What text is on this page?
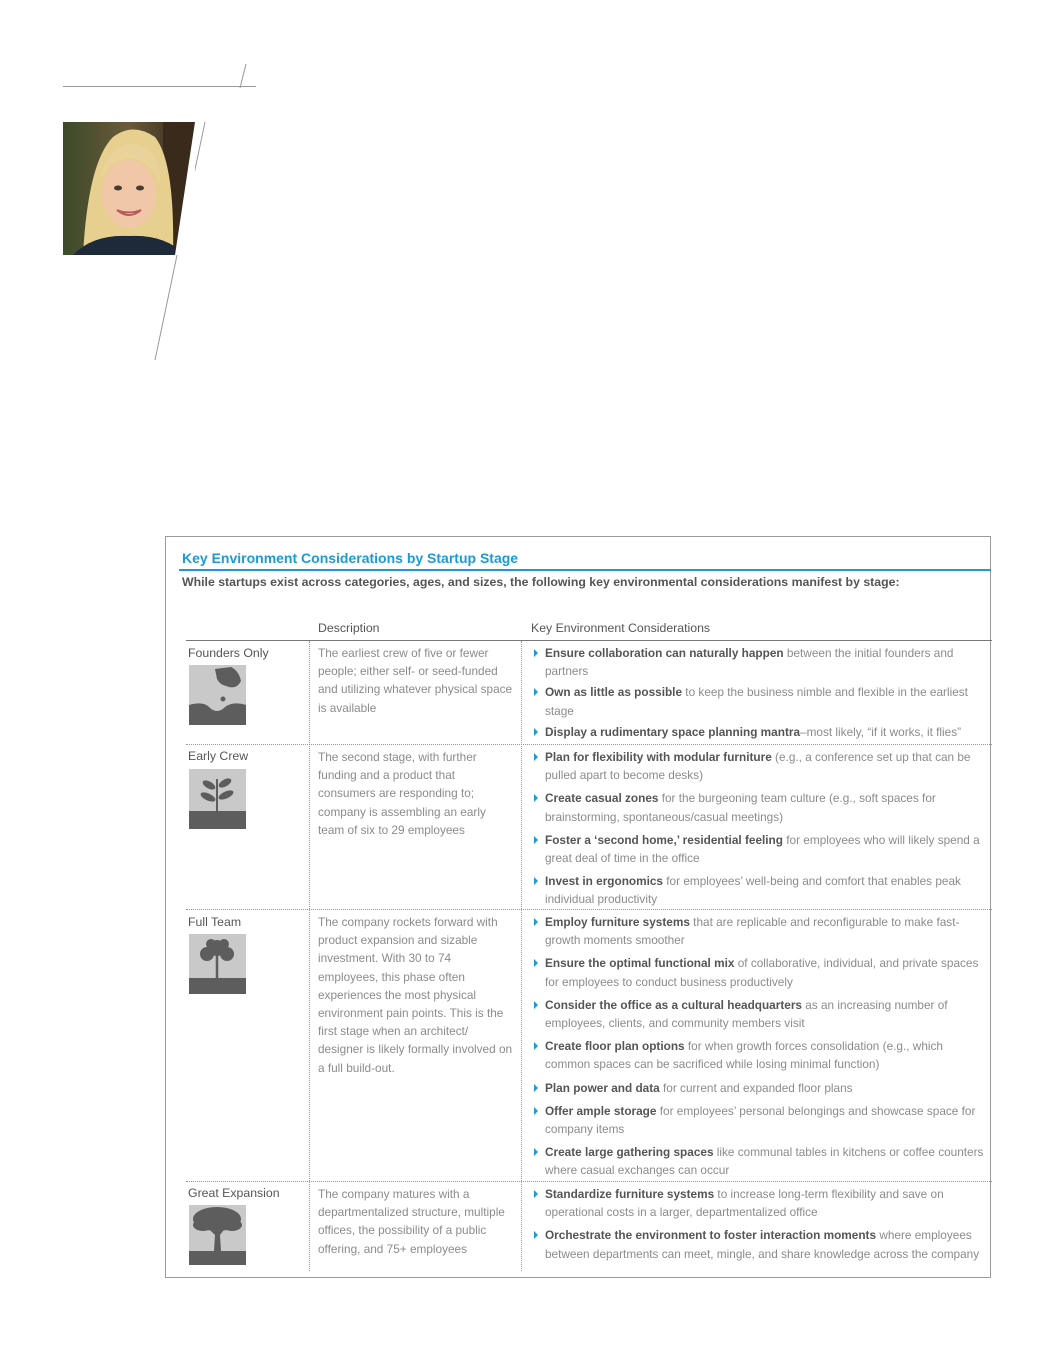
Key Environment Considerations by Startup Stage
While startups exist across categories, ages, and sizes, the following key environmental considerations manifest by stage:
Description	Key Environment Considerations
Founders Only	The earliest crew of five or fewer people; either self- or seed-funded and utilizing whatever physical space is available
Ensure collaboration can naturally happen between the initial founders and partners
Own as little as possible to keep the business nimble and flexible in the earliest stage
Display a rudimentary space planning mantra–most likely, “if it works, it flies”
Early Crew	The second stage, with further funding and a product that consumers are responding to; company is assembling an early team of six to 29 employees
Plan for flexibility with modular furniture (e.g., a conference set up that can be pulled apart to become desks)
Create casual zones for the burgeoning team culture (e.g., soft spaces for brainstorming, spontaneous/casual meetings)
Foster a ‘second home,’ residential feeling for employees who will likely spend a great deal of time in the office
Invest in ergonomics for employees’ well-being and comfort that enables peak individual productivity
Full Team	The company rockets forward with product expansion and sizable investment. With 30 to 74 employees, this phase often experiences the most physical environment pain points. This is the first stage when an architect/ designer is likely formally involved on a full build-out.
Employ furniture systems that are replicable and reconfigurable to make fast-growth moments smoother
Ensure the optimal functional mix of collaborative, individual, and private spaces for employees to conduct business productively
Consider the office as a cultural headquarters as an increasing number of employees, clients, and community members visit
Create floor plan options for when growth forces consolidation (e.g., which common spaces can be sacrificed while losing minimal function)
Plan power and data for current and expanded floor plans
Offer ample storage for employees’ personal belongings and showcase space for company items
Create large gathering spaces like communal tables in kitchens or coffee counters where casual exchanges can occur
Great Expansion	The company matures with a departmentalized structure, multiple offices, the possibility of a public offering, and 75+ employees
Standardize furniture systems to increase long-term flexibility and save on operational costs in a larger, departmentalized office
Orchestrate the environment to foster interaction moments where employees between departments can meet, mingle, and share knowledge across the company
